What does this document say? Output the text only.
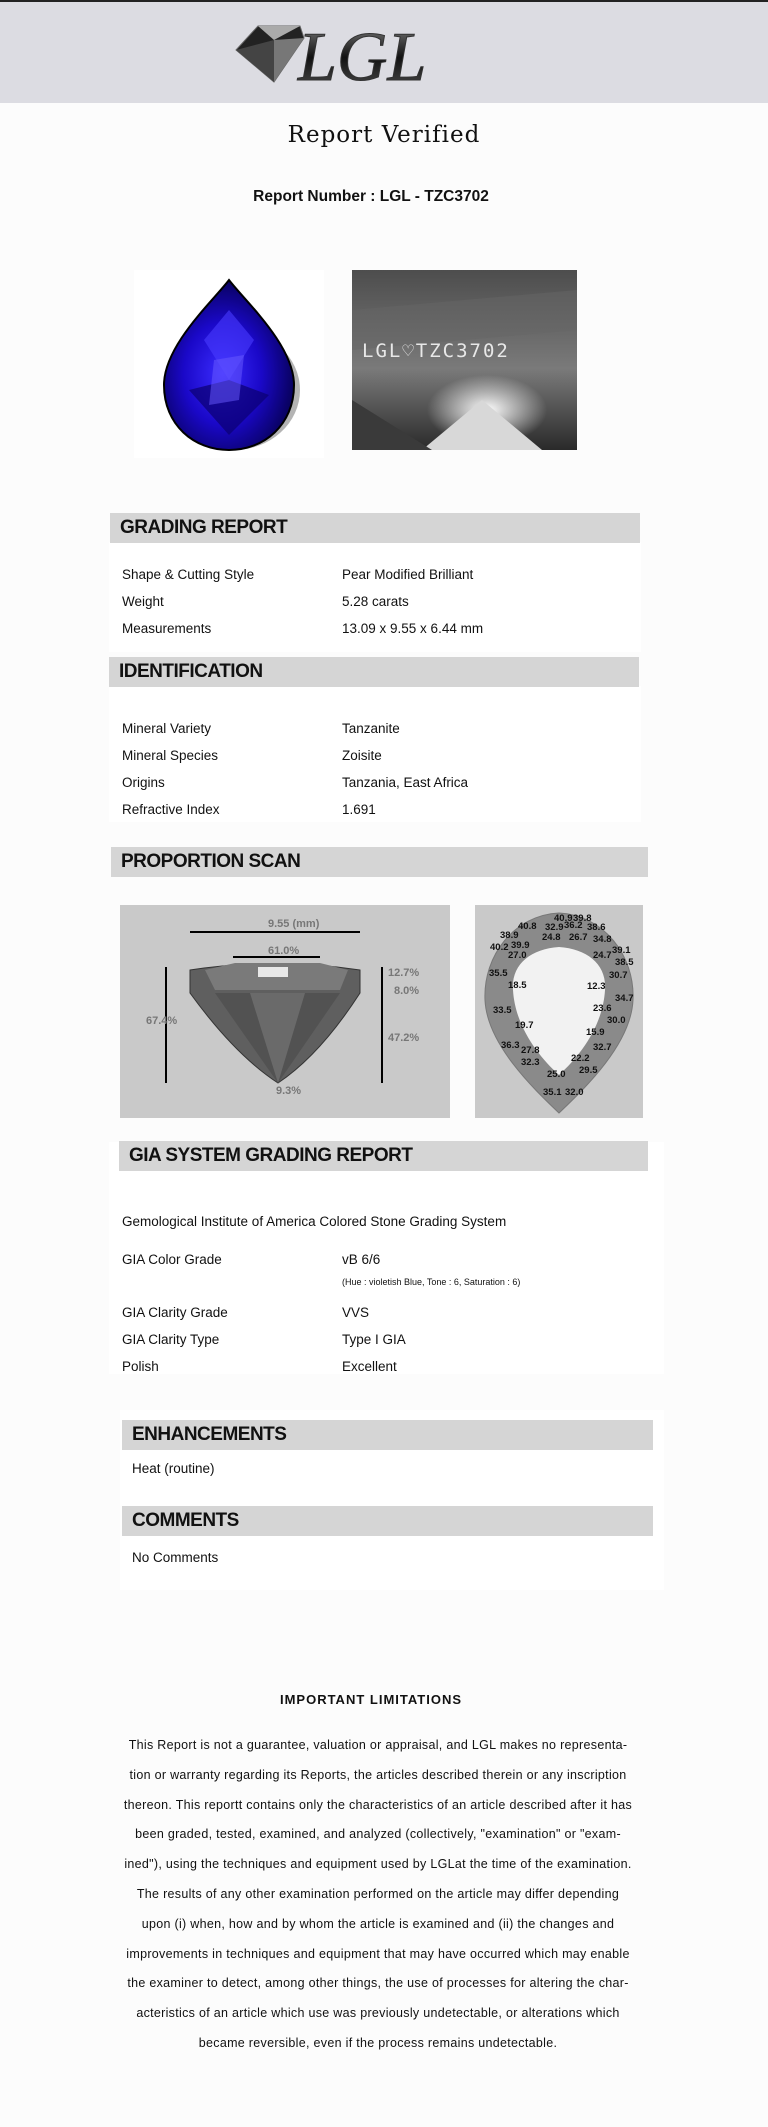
LGL
Report Verified
Report Number : LGL - TZC3702
LGL♡TZC3702
GRADING REPORT
Shape & Cutting Style	Pear Modified Brilliant
Weight	5.28 carats
Measurements	13.09 x 9.55 x 6.44 mm
IDENTIFICATION
Mineral Variety	Tanzanite
Mineral Species	Zoisite
Origins	Tanzania, East Africa
Refractive Index	1.691
PROPORTION SCAN
9.55 (mm)
61.0%
67.4%
12.7%
8.0%
47.2%
9.3%
40.9 39.8
40.8 32.9 36.2 38.6
38.9 24.8 26.7 34.8
40.2 39.9
27.0	24.7 39.1
38.5
35.5	30.7
18.5	12.3
34.7
33.5	23.6
30.0
19.7
15.9
36.3 27.8	32.7
32.3	22.2
29.5
25.0
35.1 32.0
GIA SYSTEM GRADING REPORT
Gemological Institute of America Colored Stone Grading System
GIA Color Grade	vB 6/6
(Hue : violetish Blue, Tone : 6, Saturation : 6)
GIA Clarity Grade	VVS
GIA Clarity Type	Type I GIA
Polish	Excellent
ENHANCEMENTS
Heat (routine)
COMMENTS
No Comments
IMPORTANT LIMITATIONS
This Report is not a guarantee, valuation or appraisal, and LGL makes no representa-
tion or warranty regarding its Reports, the articles described therein or any inscription
thereon. This reportt contains only the characteristics of an article described after it has
been graded, tested, examined, and analyzed (collectively, "examination" or "exam-
ined"), using the techniques and equipment used by LGLat the time of the examination.
The results of any other examination performed on the article may differ depending
upon (i) when, how and by whom the article is examined and (ii) the changes and
improvements in techniques and equipment that may have occurred which may enable
the examiner to detect, among other things, the use of processes for altering the char-
acteristics of an article which use was previously undetectable, or alterations which
became reversible, even if the process remains undetectable.
